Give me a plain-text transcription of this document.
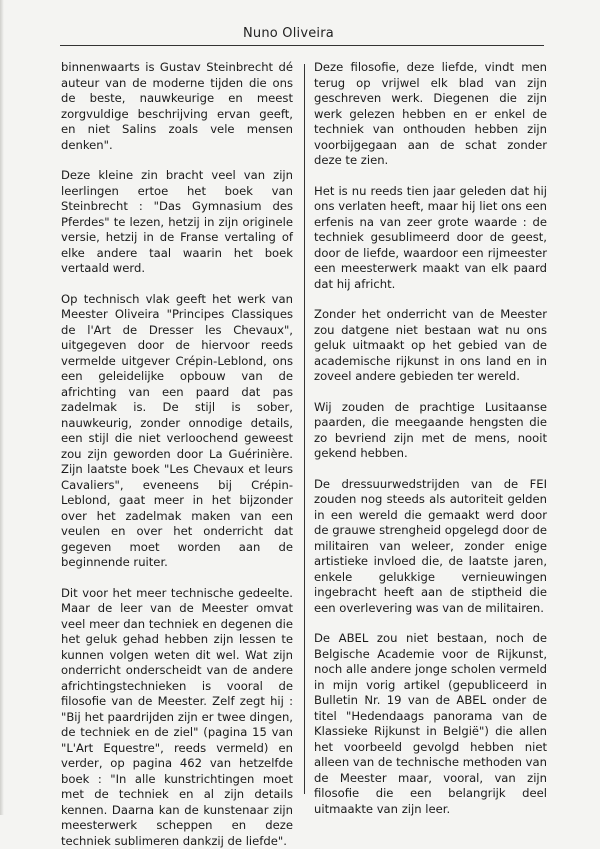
Nuno Oliveira

binnenwaarts is Gustav Steinbrecht dé auteur van de moderne tijden die ons de beste, nauwkeurige en meest zorgvuldige beschrijving ervan geeft, en niet Salins zoals vele mensen denken".

Deze kleine zin bracht veel van zijn leerlingen ertoe het boek van Steinbrecht : "Das Gymnasium des Pferdes" te lezen, hetzij in zijn originele versie, hetzij in de Franse vertaling of elke andere taal waarin het boek vertaald werd.

Op technisch vlak geeft het werk van Meester Oliveira "Principes Classiques de l'Art de Dresser les Chevaux", uitgegeven door de hiervoor reeds vermelde uitgever Crépin-Leblond, ons een geleidelijke opbouw van de africhting van een paard dat pas zadelmak is. De stijl is sober, nauwkeurig, zonder onnodige details, een stijl die niet verloochend geweest zou zijn geworden door La Guérinière. Zijn laatste boek "Les Chevaux et leurs Cavaliers", eveneens bij Crépin-Leblond, gaat meer in het bijzonder over het zadelmak maken van een veulen en over het onderricht dat gegeven moet worden aan de beginnende ruiter.

Dit voor het meer technische gedeelte. Maar de leer van de Meester omvat veel meer dan techniek en degenen die het geluk gehad hebben zijn lessen te kunnen volgen weten dit wel. Wat zijn onderricht onderscheidt van de andere africhtingstechnieken is vooral de filosofie van de Meester. Zelf zegt hij : "Bij het paardrijden zijn er twee dingen, de techniek en de ziel" (pagina 15 van "L'Art Equestre", reeds vermeld) en verder, op pagina 462 van hetzelfde boek : "In alle kunstrichtingen moet met de techniek en al zijn details kennen. Daarna kan de kunstenaar zijn meesterwerk scheppen en deze techniek sublimeren dankzij de liefde".

Deze filosofie, deze liefde, vindt men terug op vrijwel elk blad van zijn geschreven werk. Diegenen die zijn werk gelezen hebben en er enkel de techniek van onthouden hebben zijn voorbijgegaan aan de schat zonder deze te zien.

Het is nu reeds tien jaar geleden dat hij ons verlaten heeft, maar hij liet ons een erfenis na van zeer grote waarde : de techniek gesublimeerd door de geest, door de liefde, waardoor een rijmeester een meesterwerk maakt van elk paard dat hij africht.

Zonder het onderricht van de Meester zou datgene niet bestaan wat nu ons geluk uitmaakt op het gebied van de academische rijkunst in ons land en in zoveel andere gebieden ter wereld.

Wij zouden de prachtige Lusitaanse paarden, die meegaande hengsten die zo bevriend zijn met de mens, nooit gekend hebben.

De dressuurwedstrijden van de FEI zouden nog steeds als autoriteit gelden in een wereld die gemaakt werd door de grauwe strengheid opgelegd door de militairen van weleer, zonder enige artistieke invloed die, de laatste jaren, enkele gelukkige vernieuwingen ingebracht heeft aan de stiptheid die een overlevering was van de militairen.

De ABEL zou niet bestaan, noch de Belgische Academie voor de Rijkunst, noch alle andere jonge scholen vermeld in mijn vorig artikel (gepubliceerd in Bulletin Nr. 19 van de ABEL onder de titel "Hedendaags panorama van de Klassieke Rijkunst in België") die allen het voorbeeld gevolgd hebben niet alleen van de technische methoden van de Meester maar, vooral, van zijn filosofie die een belangrijk deel uitmaakte van zijn leer.
